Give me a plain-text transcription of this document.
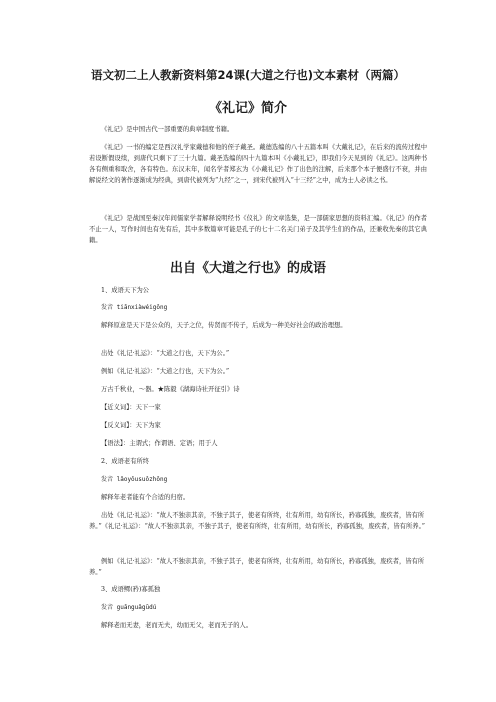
语文初二上人教新资料第24课(大道之行也)文本素材（两篇）
《礼记》简介
《礼记》是中国古代一部重要的典章制度书籍。
《礼记》一书的编定是西汉礼学家戴德和他的侄子戴圣。戴德选编的八十五篇本叫《大戴礼记》，在后来的流传过程中若设断假设续，到唐代只剩下了三十九篇。戴圣选编的四十九篇本叫《小戴礼记》，即我们今天见到的《礼记》。这两种书各有侧重和取舍，各有特色。东汉末年，闻名学者郑玄为《小戴礼记》作了出色的注解，后来那个本子便盛行不衰，并由解说经文的著作逐渐成为经典，到唐代被列为“九经”之一，到宋代被列入“十三经”之中，成为士人必读之书。
《礼记》是战国至秦汉年间儒家学者解释说明经书《仪礼》的文章选集，是一部儒家思想的资料汇编。《礼记》的作者不止一人，写作时间也有先有后，其中多数篇章可能是孔子的七十二名关门弟子及其学生们的作品，还兼收先秦的其它典籍。
出自《大道之行也》的成语
1、成语天下为公
发音 tiānxiàwéigōng
解释原意是天下是公众的，天子之位，传贤而不传子，后成为一种美好社会的政治理想。
出处《礼记·礼运》：“大道之行也，天下为公。”
例如《礼记·礼运》：“大道之行也，天下为公。”
万古千秋业，～器。★陈毅《湖海诗社开征引》诗
【近义词】：天下一家
【反义词】：天下为家
【语法】：主谓式；作谓语、定语；用于人
2、成语老有所终
发音 lǎoyǒusuǒzhōng
解释年老者能有个合适的归宿。
出处《礼记·礼运》：“故人不独亲其亲，不独子其子，使老有所终，壮有所用，幼有所长，矜寡孤独，废疾者，皆有所养。”《礼记·礼运》：“故人不独亲其亲，不独子其子，使老有所终，壮有所用，幼有所长，矜寡孤独，废疾者，皆有所养。”
例如《礼记·礼运》：“故人不独亲其亲，不独子其子，使老有所终，壮有所用，幼有所长，矜寡孤独，废疾者，皆有所养。”
3、成语鳏(矜)寡孤独
发音 guānguǎgūdú
解释老而无妻，老而无夫，幼而无父，老而无子的人。
